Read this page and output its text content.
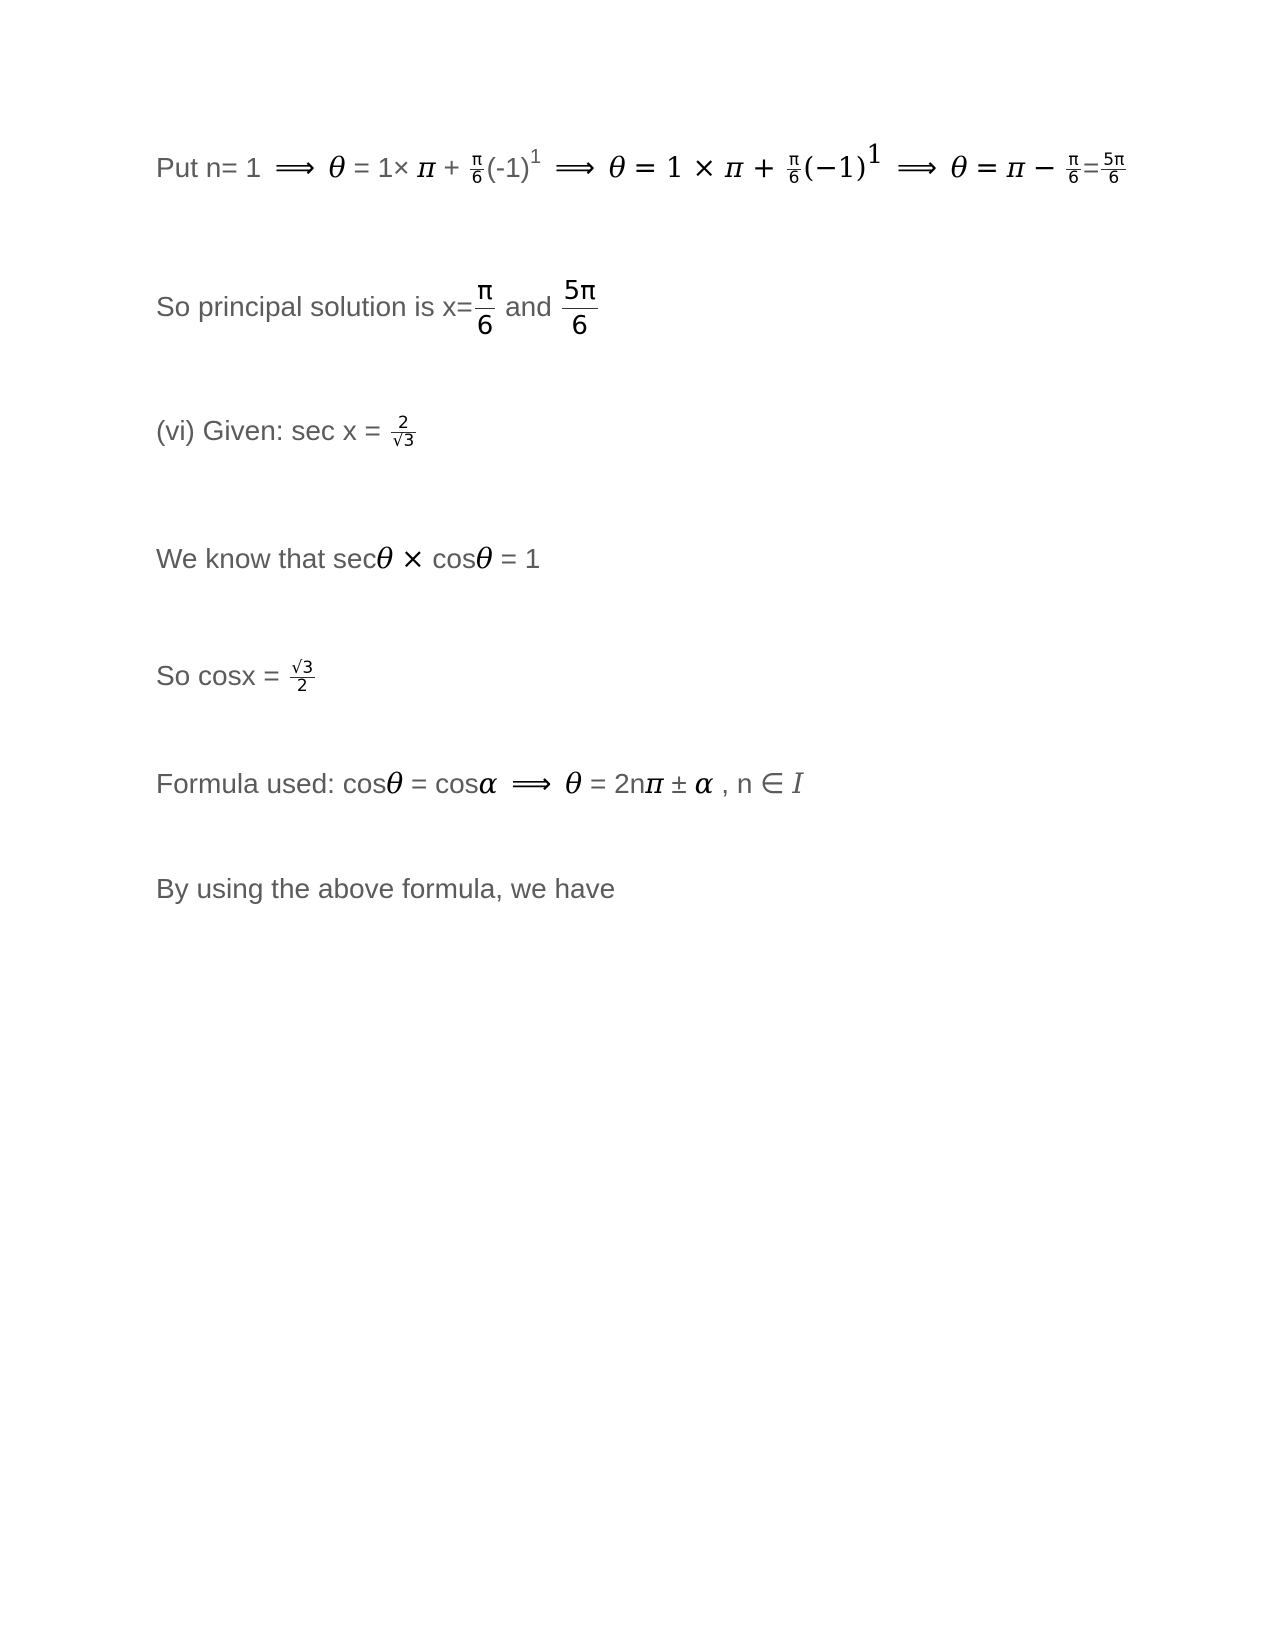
Put n= 1 ⟹ $\theta = 1\times \pi + \frac{\pi}{6} (-1)^1$ ⟹ $\theta = 1 \times \pi + \frac{\pi}{6} (-1)^1$ ⟹ $\theta = \pi - \frac{\pi}{6} = \frac{5\pi}{6}$
So principal solution is $x= \frac{\pi}{6}$ and $\frac{5\pi}{6}$
(vi) Given: $\sec x = \frac{2}{√3}$
We know that secθ × cosθ = 1
So $\cos x = \frac{√3}{2}$
Formula used: cosθ = cosα ⟹ θ = 2nπ ± α , n ∈ I
By using the above formula, we have
